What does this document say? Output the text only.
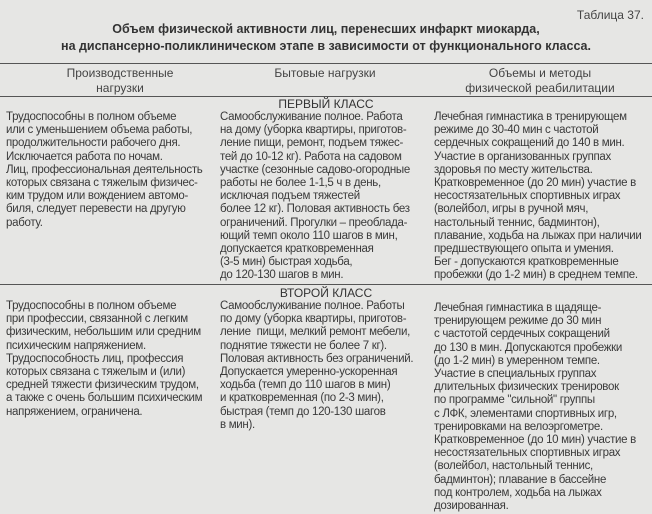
Таблица 37.
Объем физической активности лиц, перенесших инфаркт миокарда,
на диспансерно-поликлиническом этапе в зависимости от функционального класса.
Производственные
нагрузки
Бытовые нагрузки	Объемы и методы
физической реабилитации
ПЕРВЫЙ КЛАСС
Трудоспособны в полном объеме
или с уменьшением объема работы,
продолжительности рабочего дня.
Исключается работа по ночам.
Лиц, профессиональная деятельность
которых связана с тяжелым физичес-
ким трудом или вождением автомо-
биля, следует перевести на другую
работу.
Самообслуживание полное. Работа
на дому (уборка квартиры, приготов-
ление пищи, ремонт, подъем тяжес-
тей до 10-12 кг). Работа на садовом
участке (сезонные садово-огородные
работы не более 1-1,5 ч в день,
исключая подъем тяжестей
более 12 кг). Половая активность без
ограничений. Прогулки – преоблада-
ющий темп около 110 шагов в мин,
допускается кратковременная
(3-5 мин) быстрая ходьба,
до 120-130 шагов в мин.
Лечебная гимнастика в тренирующем
режиме до 30-40 мин с частотой
сердечных сокращений до 140 в мин.
Участие в организованных группах
здоровья по месту жительства.
Кратковременное (до 20 мин) участие в
несостязательных спортивных играх
(волейбол, игры в ручной мяч,
настольный теннис, бадминтон),
плавание, ходьба на лыжах при наличии
предшествующего опыта и умения.
Бег - допускаются кратковременные
пробежки (до 1-2 мин) в среднем темпе.
ВТОРОЙ КЛАСС
Трудоспособны в полном объеме
при профессии, связанной с легким
физическим, небольшим или средним
психическим напряжением.
Трудоспособность лиц, профессия
которых связана с тяжелым и (или)
средней тяжести физическим трудом,
а также с очень большим психическим
напряжением, ограничена.
Самообслуживание полное. Работы
по дому (уборка квартиры, приготов-
ление  пищи, мелкий ремонт мебели,
поднятие тяжести не более 7 кг).
Половая активность без ограничений.
Допускается умеренно-ускоренная
ходьба (темп до 110 шагов в мин)
и кратковременная (по 2-3 мин),
быстрая (темп до 120-130 шагов
в мин).
Лечебная гимнастика в щадяще-
тренирующем режиме до 30 мин
с частотой сердечных сокращений
до 130 в мин. Допускаются пробежки
(до 1-2 мин) в умеренном темпе.
Участие в специальных группах
длительных физических тренировок
по программе "сильной" группы
с ЛФК, элементами спортивных игр,
тренировками на велоэргометре.
Кратковременное (до 10 мин) участие в
несостязательных спортивных играх
(волейбол, настольный теннис,
бадминтон); плавание в бассейне
под контролем, ходьба на лыжах
дозированная.
